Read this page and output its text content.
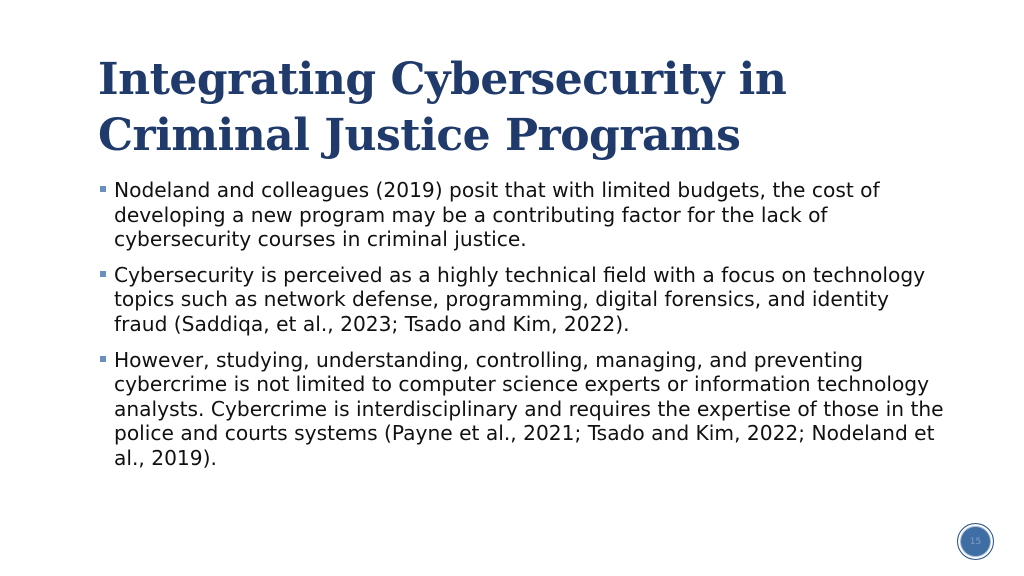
Integrating Cybersecurity in Criminal Justice Programs
Nodeland and colleagues (2019) posit that with limited budgets, the cost of developing a new program may be a contributing factor for the lack of cybersecurity courses in criminal justice.
Cybersecurity is perceived as a highly technical field with a focus on technology topics such as network defense, programming, digital forensics, and identity fraud (Saddiqa, et al., 2023; Tsado and Kim, 2022).
However, studying, understanding, controlling, managing, and preventing cybercrime is not limited to computer science experts or information technology analysts. Cybercrime is interdisciplinary and requires the expertise of those in the police and courts systems (Payne et al., 2021; Tsado and Kim, 2022; Nodeland et al., 2019).
15
